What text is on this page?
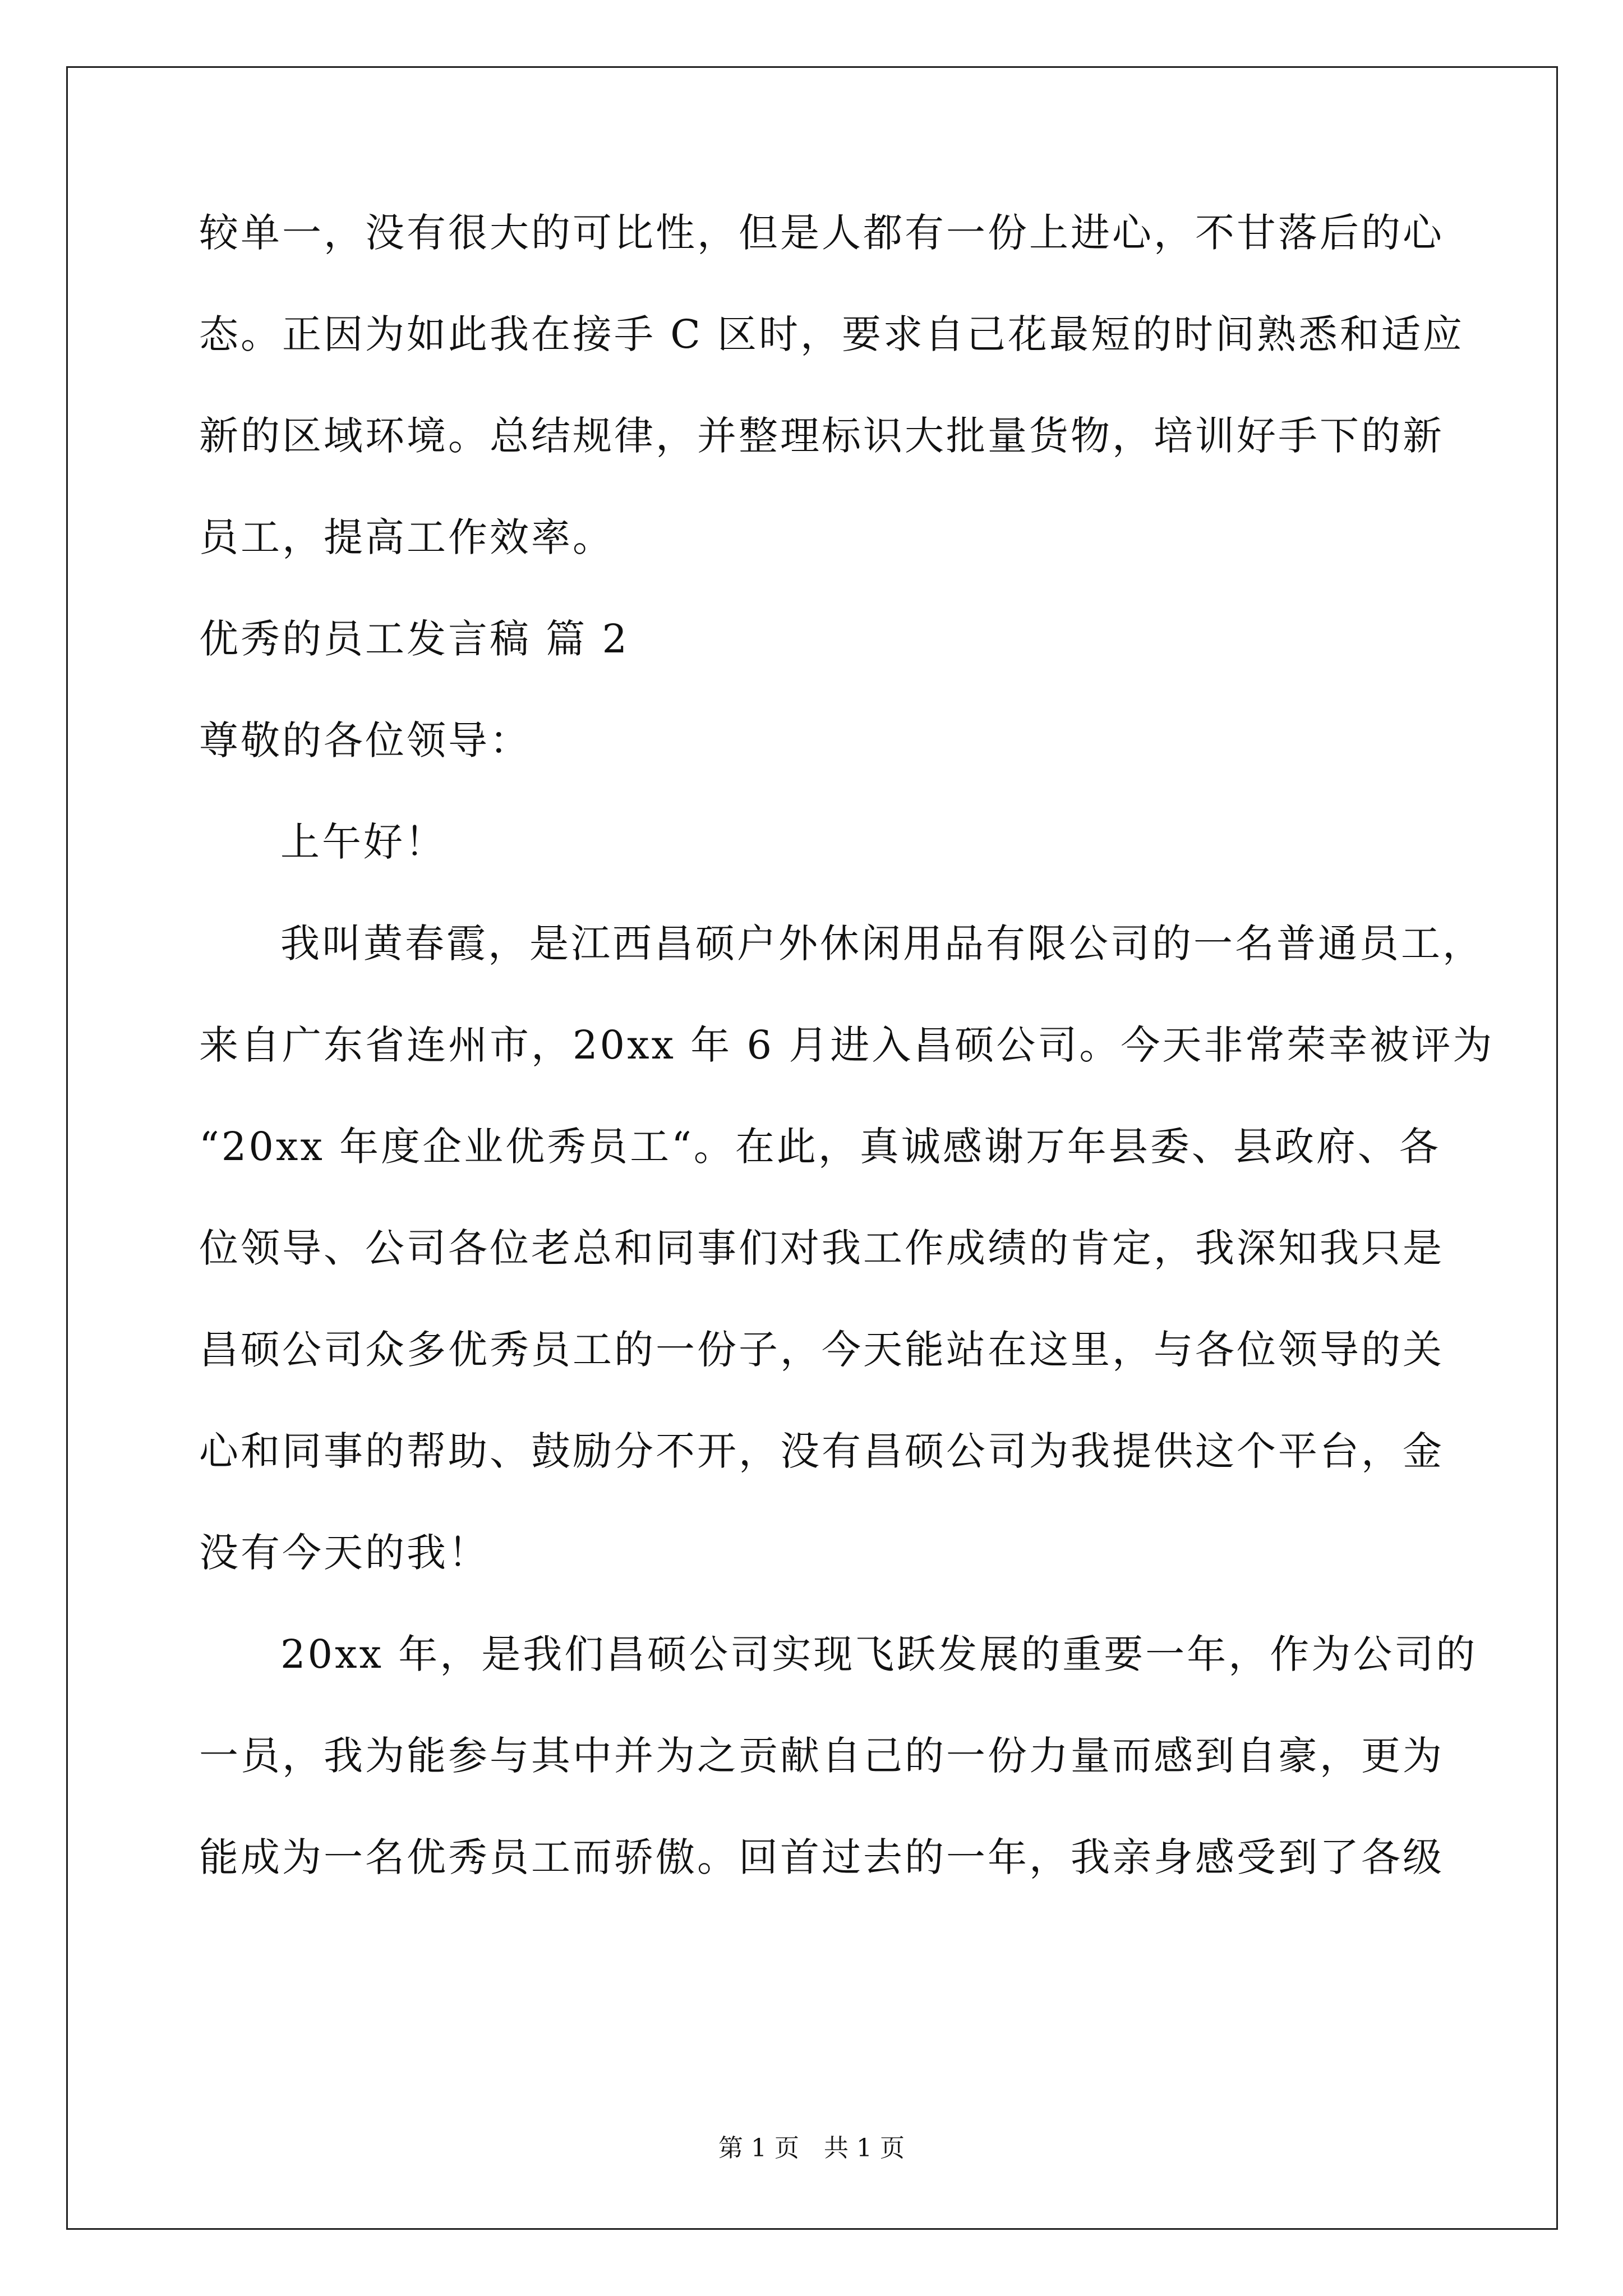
较单一，没有很大的可比性，但是人都有一份上进心，不甘落后的心
态。正因为如此我在接手 C 区时，要求自己花最短的时间熟悉和适应
新的区域环境。总结规律，并整理标识大批量货物，培训好手下的新
员工，提高工作效率。
优秀的员工发言稿 篇 2
尊敬的各位领导：
上午好！
我叫黄春霞，是江西昌硕户外休闲用品有限公司的一名普通员工，
来自广东省连州市，20xx 年 6 月进入昌硕公司。今天非常荣幸被评为
“20xx 年度企业优秀员工“。在此，真诚感谢万年县委、县政府、各
位领导、公司各位老总和同事们对我工作成绩的肯定，我深知我只是
昌硕公司众多优秀员工的一份子，今天能站在这里，与各位领导的关
心和同事的帮助、鼓励分不开，没有昌硕公司为我提供这个平台，金
没有今天的我！
20xx 年，是我们昌硕公司实现飞跃发展的重要一年，作为公司的
一员，我为能参与其中并为之贡献自己的一份力量而感到自豪，更为
能成为一名优秀员工而骄傲。回首过去的一年，我亲身感受到了各级
第 1 页　共 1 页
